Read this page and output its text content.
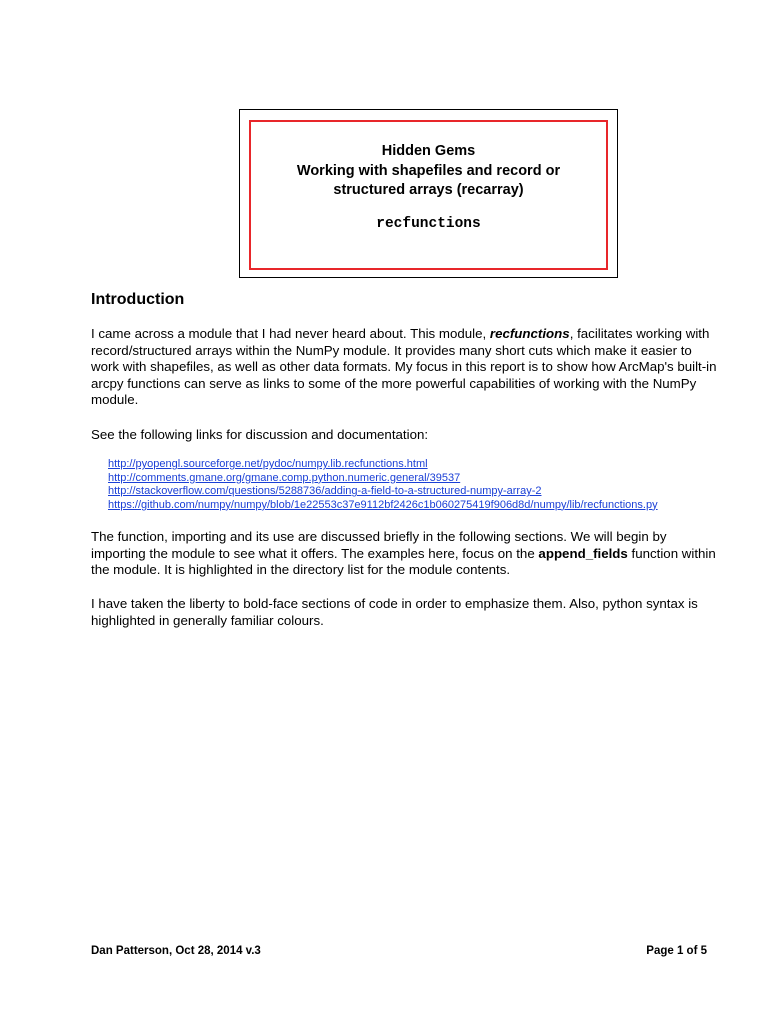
Hidden Gems
Working with shapefiles and record or
structured arrays (recarray)
recfunctions
Introduction
I came across a module that I had never heard about. This module, recfunctions, facilitates working with record/structured arrays within the NumPy module. It provides many short cuts which make it easier to work with shapefiles, as well as other data formats. My focus in this report is to show how ArcMap's built-in arcpy functions can serve as links to some of the more powerful capabilities of working with the NumPy module.
See the following links for discussion and documentation:
http://pyopengl.sourceforge.net/pydoc/numpy.lib.recfunctions.html
http://comments.gmane.org/gmane.comp.python.numeric.general/39537
http://stackoverflow.com/questions/5288736/adding-a-field-to-a-structured-numpy-array-2
https://github.com/numpy/numpy/blob/1e22553c37e9112bf2426c1b060275419f906d8d/numpy/lib/recfunctions.py
The function, importing and its use are discussed briefly in the following sections. We will begin by importing the module to see what it offers. The examples here, focus on the append_fields function within the module. It is highlighted in the directory list for the module contents.
I have taken the liberty to bold-face sections of code in order to emphasize them. Also, python syntax is highlighted in generally familiar colours.
Dan Patterson, Oct 28, 2014 v.3	Page 1 of 5
